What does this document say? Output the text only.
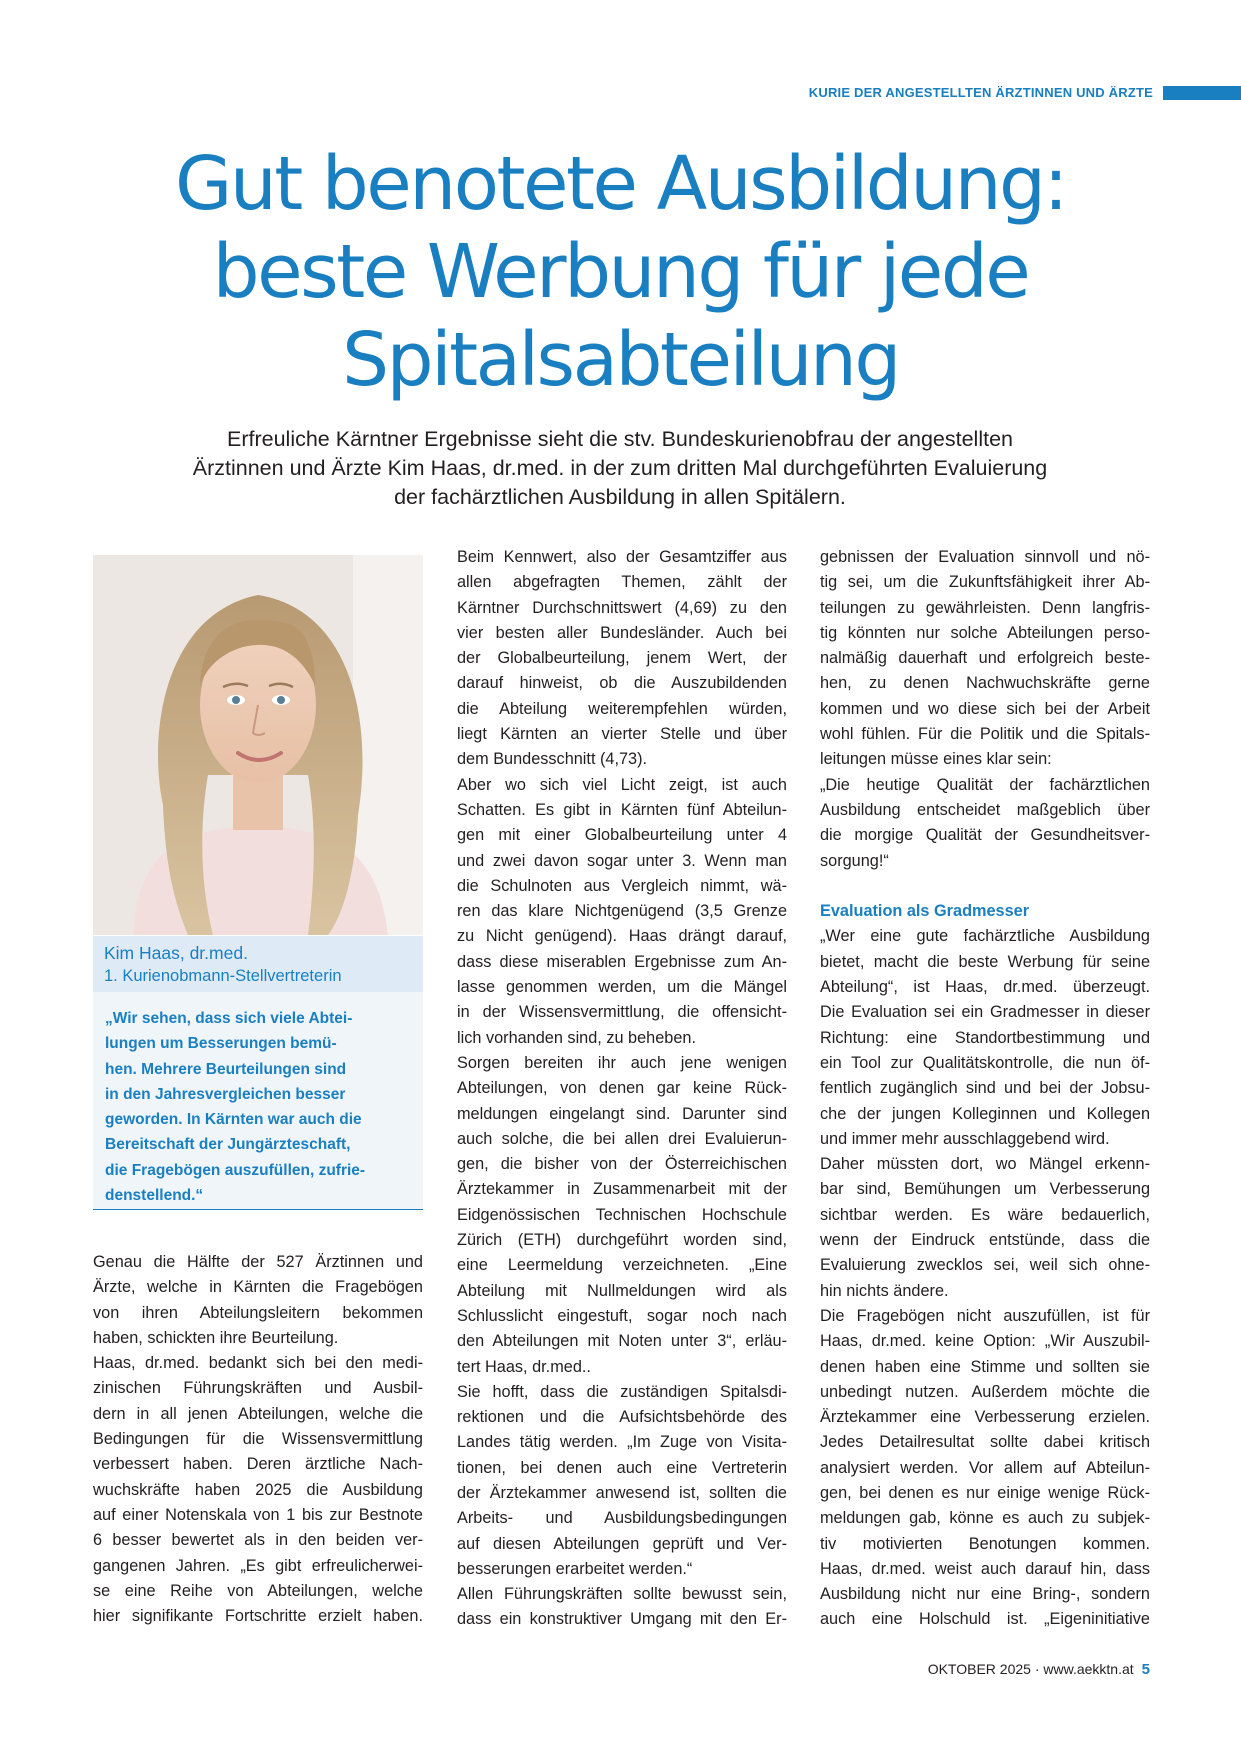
KURIE DER ANGESTELLTEN ÄRZTINNEN UND ÄRZTE
Gut benotete Ausbildung:
beste Werbung für jede
Spitalsabteilung

Erfreuliche Kärntner Ergebnisse sieht die stv. Bundeskurienobfrau der angestellten
Ärztinnen und Ärzte Kim Haas, dr.med. in der zum dritten Mal durchgeführten Evaluierung
der fachärztlichen Ausbildung in allen Spitälern.

Kim Haas, dr.med.
1. Kurienobmann-Stellvertreterin
„Wir sehen, dass sich viele Abtei-
lungen um Besserungen bemü-
hen. Mehrere Beurteilungen sind
in den Jahresvergleichen besser
geworden. In Kärnten war auch die
Bereitschaft der Jungärzteschaft,
die Fragebögen auszufüllen, zufrie-
denstellend.“
Genau die Hälfte der 527 Ärztinnen und
Ärzte, welche in Kärnten die Fragebögen
von ihren Abteilungsleitern bekommen
haben, schickten ihre Beurteilung.
Haas, dr.med. bedankt sich bei den medi-
zinischen Führungskräften und Ausbil-
dern in all jenen Abteilungen, welche die
Bedingungen für die Wissensvermittlung
verbessert haben. Deren ärztliche Nach-
wuchskräfte haben 2025 die Ausbildung
auf einer Notenskala von 1 bis zur Bestnote
6 besser bewertet als in den beiden ver-
gangenen Jahren. „Es gibt erfreulicherwei-
se eine Reihe von Abteilungen, welche
hier signifikante Fortschritte erzielt haben.
Beim Kennwert, also der Gesamtziffer aus
allen abgefragten Themen, zählt der
Kärntner Durchschnittswert (4,69) zu den
vier besten aller Bundesländer. Auch bei
der Globalbeurteilung, jenem Wert, der
darauf hinweist, ob die Auszubildenden
die Abteilung weiterempfehlen würden,
liegt Kärnten an vierter Stelle und über
dem Bundesschnitt (4,73).
Aber wo sich viel Licht zeigt, ist auch
Schatten. Es gibt in Kärnten fünf Abteilun-
gen mit einer Globalbeurteilung unter 4
und zwei davon sogar unter 3. Wenn man
die Schulnoten aus Vergleich nimmt, wä-
ren das klare Nichtgenügend (3,5 Grenze
zu Nicht genügend). Haas drängt darauf,
dass diese miserablen Ergebnisse zum An-
lasse genommen werden, um die Mängel
in der Wissensvermittlung, die offensicht-
lich vorhanden sind, zu beheben.
Sorgen bereiten ihr auch jene wenigen
Abteilungen, von denen gar keine Rück-
meldungen eingelangt sind. Darunter sind
auch solche, die bei allen drei Evaluierun-
gen, die bisher von der Österreichischen
Ärztekammer in Zusammenarbeit mit der
Eidgenössischen Technischen Hochschule
Zürich (ETH) durchgeführt worden sind,
eine Leermeldung verzeichneten. „Eine
Abteilung mit Nullmeldungen wird als
Schlusslicht eingestuft, sogar noch nach
den Abteilungen mit Noten unter 3“, erläu-
tert Haas, dr.med..
Sie hofft, dass die zuständigen Spitalsdi-
rektionen und die Aufsichtsbehörde des
Landes tätig werden. „Im Zuge von Visita-
tionen, bei denen auch eine Vertreterin
der Ärztekammer anwesend ist, sollten die
Arbeits- und Ausbildungsbedingungen
auf diesen Abteilungen geprüft und Ver-
besserungen erarbeitet werden.“
Allen Führungskräften sollte bewusst sein,
dass ein konstruktiver Umgang mit den Er-
gebnissen der Evaluation sinnvoll und nö-
tig sei, um die Zukunftsfähigkeit ihrer Ab-
teilungen zu gewährleisten. Denn langfris-
tig könnten nur solche Abteilungen perso-
nalmäßig dauerhaft und erfolgreich beste-
hen, zu denen Nachwuchskräfte gerne
kommen und wo diese sich bei der Arbeit
wohl fühlen. Für die Politik und die Spitals-
leitungen müsse eines klar sein:
„Die heutige Qualität der fachärztlichen
Ausbildung entscheidet maßgeblich über
die morgige Qualität der Gesundheitsver-
sorgung!“

Evaluation als Gradmesser
„Wer eine gute fachärztliche Ausbildung
bietet, macht die beste Werbung für seine
Abteilung“, ist Haas, dr.med. überzeugt.
Die Evaluation sei ein Gradmesser in dieser
Richtung: eine Standortbestimmung und
ein Tool zur Qualitätskontrolle, die nun öf-
fentlich zugänglich sind und bei der Jobsu-
che der jungen Kolleginnen und Kollegen
und immer mehr ausschlaggebend wird.
Daher müssten dort, wo Mängel erkenn-
bar sind, Bemühungen um Verbesserung
sichtbar werden. Es wäre bedauerlich,
wenn der Eindruck entstünde, dass die
Evaluierung zwecklos sei, weil sich ohne-
hin nichts ändere.
Die Fragebögen nicht auszufüllen, ist für
Haas, dr.med. keine Option: „Wir Auszubil-
denen haben eine Stimme und sollten sie
unbedingt nutzen. Außerdem möchte die
Ärztekammer eine Verbesserung erzielen.
Jedes Detailresultat sollte dabei kritisch
analysiert werden. Vor allem auf Abteilun-
gen, bei denen es nur einige wenige Rück-
meldungen gab, könne es auch zu subjek-
tiv motivierten Benotungen kommen.
Haas, dr.med. weist auch darauf hin, dass
Ausbildung nicht nur eine Bring-, sondern
auch eine Holschuld ist. „Eigeninitiative
OKTOBER 2025 · www.aekktn.at 5
